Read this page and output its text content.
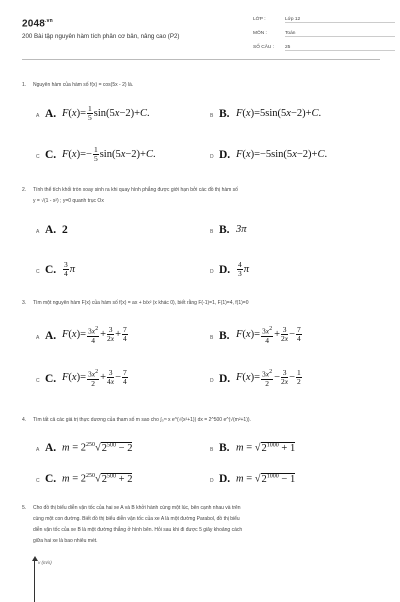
$2048^{.vn}$
200 Bài tập nguyên hàm tích phân cơ bản, nâng cao (P2)
LỚP :	Lớp 12
MÔN :	Toán
SỐ CÂU : 25
1. Nguyên hàm của hàm số f(x) = cos(5x - 2) là.
A A. $F(x)= \frac{1}{5} \sin(5x-2)+C$.	B B. F(x)=5sin(5x−2)+C.
C C. $F(x)=- \frac{1}{5} \sin(5x-2)+C$.	D D. F(x)=−5sin(5x−2)+C.
2. Tính thể tích khối tròn xoay sinh ra khi quay hình phẳng được giới hạn bởi các đồ thị hàm số
y = √(1 - x²) ; y=0 quanh trục Ox
A A. 2	B B. 3π
C C. $\frac{3}{4}$ π	D D. $\frac{4}{3}$ π
3. Tìm một nguyên hàm F(x) của hàm số f(x) = ax + b/x² (x khác 0), biết rằng F(-1)=1, F(1)=4, f(1)=0
A A. $F(x)= \frac{3x^2}{4} + \frac{3}{2x} + \frac{7}{4}$	B B. $F(x)= \frac{3x^2}{4} + \frac{3}{2x} - \frac{7}{4}$
C C. $F(x)= \frac{3x^2}{2} + \frac{3}{4x} - \frac{7}{4}$	D D. $F(x)= \frac{3x^2}{2} - \frac{3}{2x} - \frac{1}{2}$
4. Tìm tất cả các giá trị thực dương của tham số m sao cho ∫₀ᵐ x e^(√(x²+1)) dx = 2^500 e^(√(m²+1)).
A A. $m = 2^{250}√2^{500} - 2$	B B. $m = √2^{1000} + 1$
C C. $m = 2^{250}√2^{500} + 2$	D D. $m = √2^{1000} - 1$
5. Cho đồ thị biểu diễn vận tốc của hai xe A và B khởi hành cùng một lúc, bên cạnh nhau và trên
cùng một con đường. Biết đồ thị biểu diễn vận tốc của xe A là một đường Parabol, đồ thị biểu
diễn vận tốc của xe B là một đường thẳng ở hình bên. Hỏi sau khi đi được 5 giây khoảng cách
giữa hai xe là bao nhiêu mét.
v (m/s)
